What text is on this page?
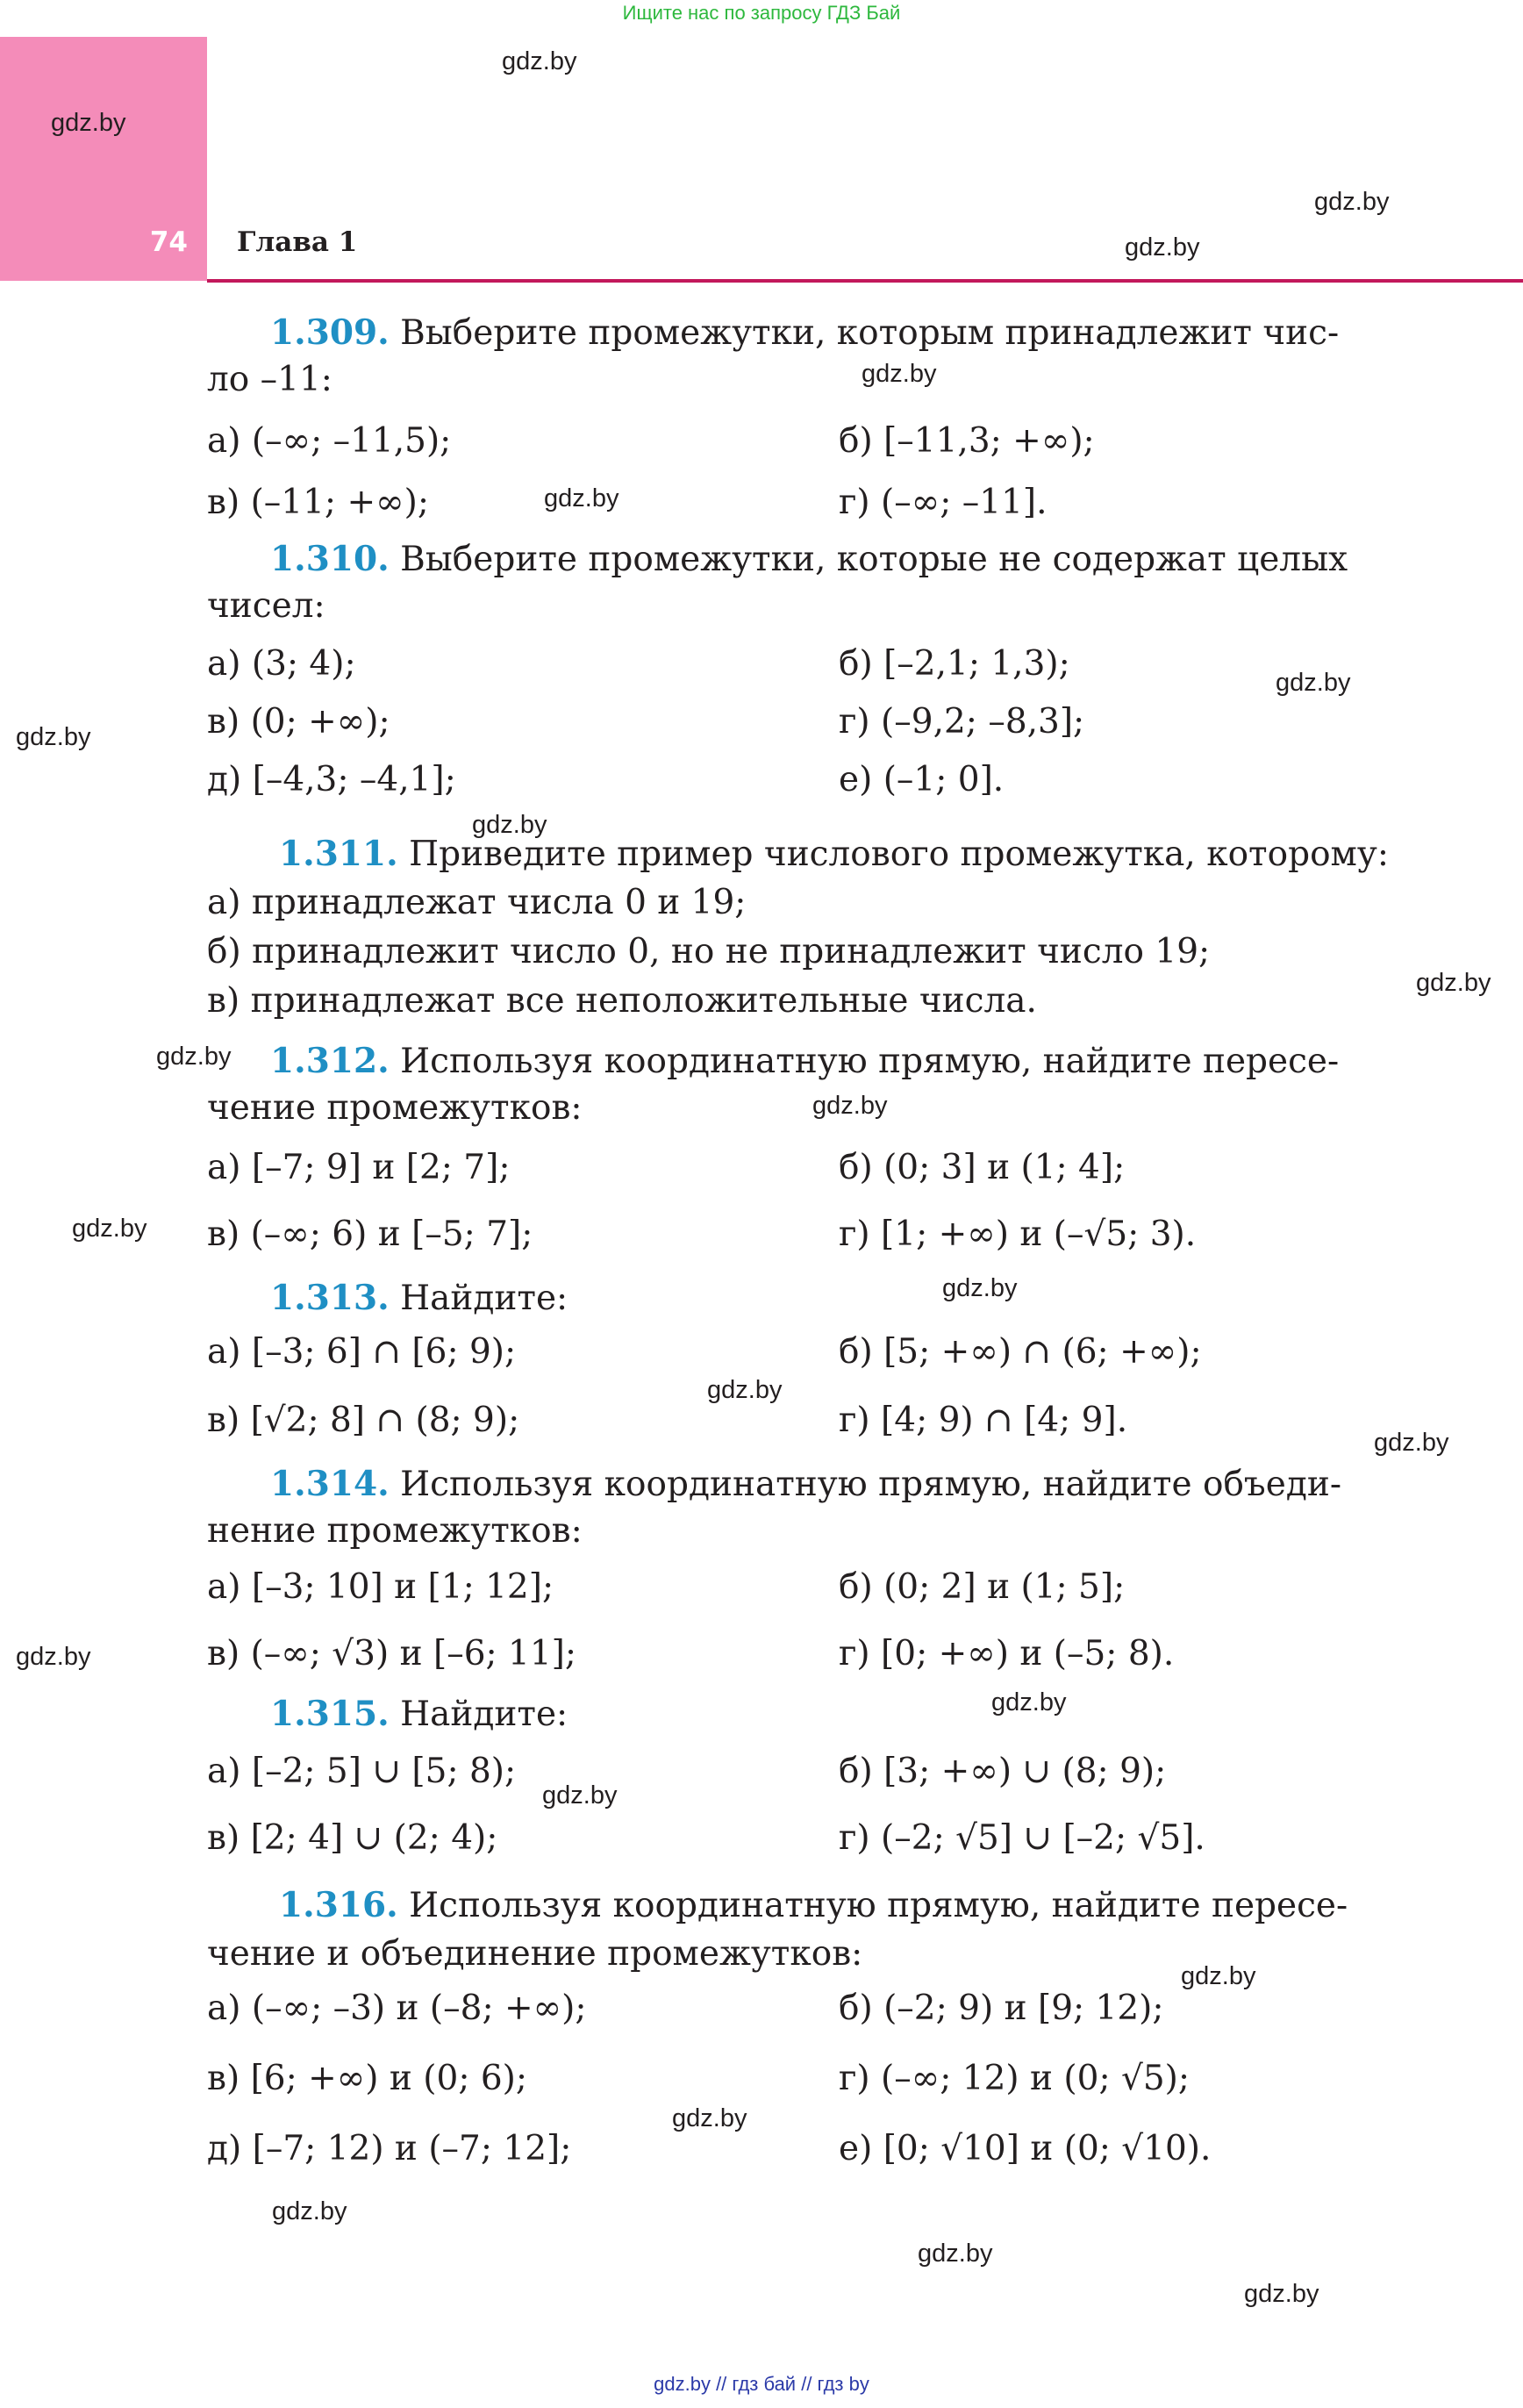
Ищите нас по запросу ГДЗ Бай
74 Глава 1
gdz.by
gdz.by
gdz.by
gdz.by
gdz.by
gdz.by
gdz.by
gdz.by
gdz.by
gdz.by
gdz.by
gdz.by
gdz.by
gdz.by
gdz.by
gdz.by
gdz.by
gdz.by
gdz.by
gdz.by
gdz.by
gdz.by
gdz.by
gdz.by
1.309. Выберите промежутки, которым принадлежит чис-
ло –11:
а) (–∞; –11,5);	б) [–11,3; +∞);
в) (–11; +∞);	г) (–∞; –11].
1.310. Выберите промежутки, которые не содержат целых
чисел:
а) (3; 4);	б) [–2,1; 1,3);
в) (0; +∞);	г) (–9,2; –8,3];
д) [–4,3; –4,1];	е) (–1; 0].
1.311. Приведите пример числового промежутка, которому:
а) принадлежат числа 0 и 19;
б) принадлежит число 0, но не принадлежит число 19;
в) принадлежат все неположительные числа.
1.312. Используя координатную прямую, найдите пересе-
чение промежутков:
а) [–7; 9] и [2; 7];	б) (0; 3] и (1; 4];
в) (–∞; 6) и [–5; 7];	г) [1; +∞) и (–√5; 3).
1.313. Найдите:
а) [–3; 6] ∩ [6; 9);	б) [5; +∞) ∩ (6; +∞);
в) [√2; 8] ∩ (8; 9);	г) [4; 9) ∩ [4; 9].
1.314. Используя координатную прямую, найдите объеди-
нение промежутков:
а) [–3; 10] и [1; 12];	б) (0; 2] и (1; 5];
в) (–∞; √3) и [–6; 11];	г) [0; +∞) и (–5; 8).
1.315. Найдите:
а) [–2; 5] ∪ [5; 8);	б) [3; +∞) ∪ (8; 9);
в) [2; 4] ∪ (2; 4);	г) (–2; √5] ∪ [–2; √5].
1.316. Используя координатную прямую, найдите пересе-
чение и объединение промежутков:
а) (–∞; –3) и (–8; +∞);	б) (–2; 9) и [9; 12);
в) [6; +∞) и (0; 6);	г) (–∞; 12) и (0; √5);
д) [–7; 12) и (–7; 12];	е) [0; √10] и (0; √10).
gdz.by // гдз бай // гдз by
